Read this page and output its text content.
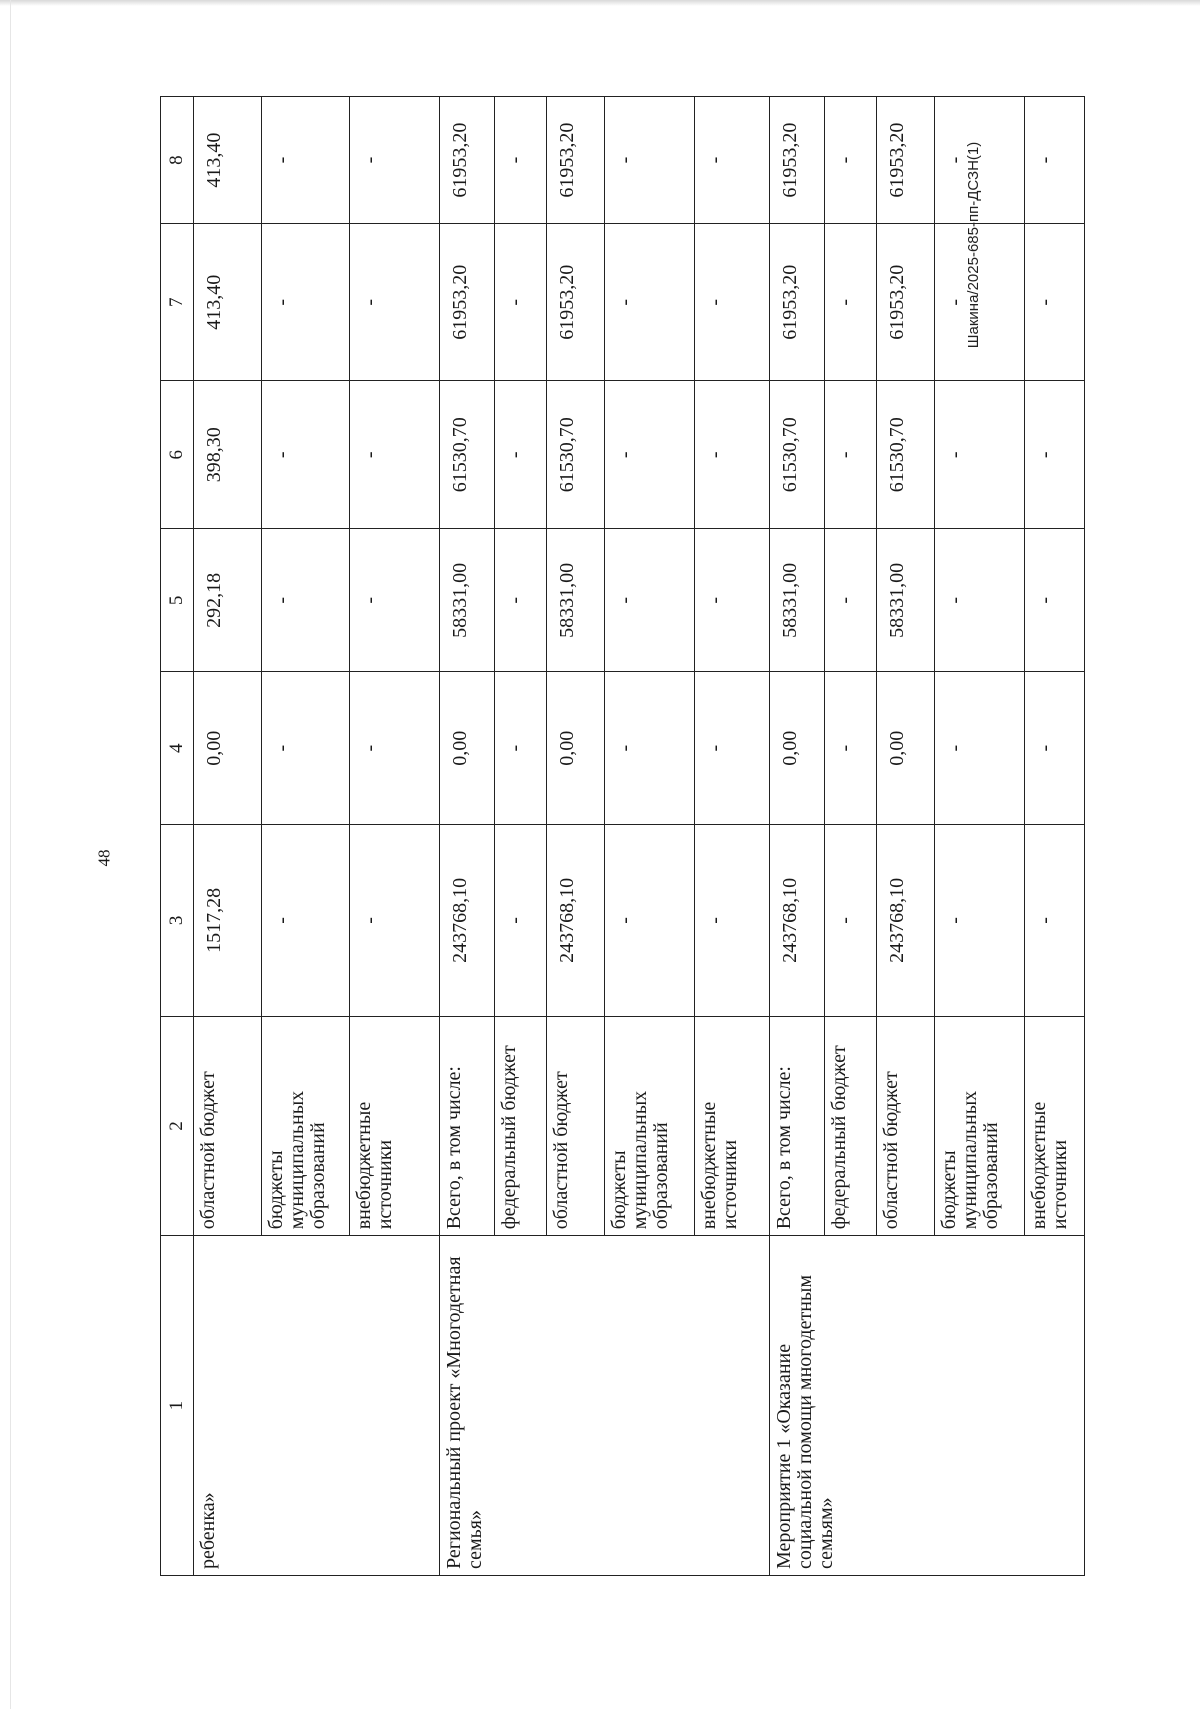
48
Шакина/2025-685-пп-ДСЗН(1)
1	2	3	4	5	6	7	8
ребенка»	областной бюджет	1517,28	0,00	292,18	398,30	413,40	413,40
	бюджеты муниципальных образований	-	-	-	-	-	-
	внебюджетные источники	-	-	-	-	-	-
Региональный проект «Многодетная семья»	Всего, в том числе:	243768,10	0,00	58331,00	61530,70	61953,20	61953,20
	федеральный бюджет	-	-	-	-	-	-
	областной бюджет	243768,10	0,00	58331,00	61530,70	61953,20	61953,20
	бюджеты муниципальных образований	-	-	-	-	-	-
	внебюджетные источники	-	-	-	-	-	-
Мероприятие 1 «Оказание социальной помощи многодетным семьям»	Всего, в том числе:	243768,10	0,00	58331,00	61530,70	61953,20	61953,20
	федеральный бюджет	-	-	-	-	-	-
	областной бюджет	243768,10	0,00	58331,00	61530,70	61953,20	61953,20
	бюджеты муниципальных образований	-	-	-	-	-	-
	внебюджетные источники	-	-	-	-	-	-
